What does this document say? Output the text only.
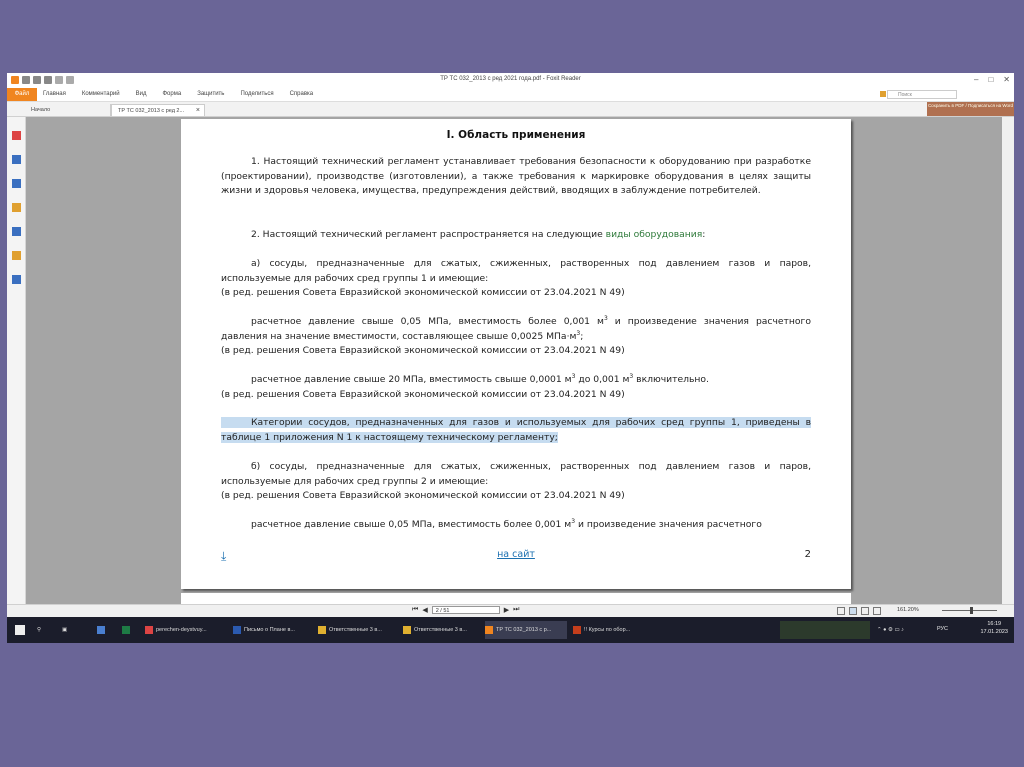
ТР ТС 032_2013 с ред 2021 года.pdf - Foxit Reader	– □ ✕
Файл	Главная	Комментарий	Вид	Форма	Защитить	Поделиться	Справка	Поиск
Начало	ТР ТС 032_2013 с ред 2... ×
Сохранить в PDF / Подписаться на Word
I. Область применения
1. Настоящий технический регламент устанавливает требования безопасности к оборудованию при разработке (проектировании), производстве (изготовлении), а также требования к маркировке оборудования в целях защиты жизни и здоровья человека, имущества, предупреждения действий, вводящих в заблуждение потребителей.
2. Настоящий технический регламент распространяется на следующие виды оборудования:
а) сосуды, предназначенные для сжатых, сжиженных, растворенных под давлением газов и паров, используемые для рабочих сред группы 1 и имеющие:
(в ред. решения Совета Евразийской экономической комиссии от 23.04.2021 N 49)
расчетное давление свыше 0,05 МПа, вместимость более 0,001 $м^3$ и произведение значения расчетного давления на значение вместимости, составляющее свыше 0,0025 $МПа\cdot м^3$;
(в ред. решения Совета Евразийской экономической комиссии от 23.04.2021 N 49)
расчетное давление свыше 20 МПа, вместимость свыше 0,0001 $м^3$ до 0,001 $м^3$ включительно.
(в ред. решения Совета Евразийской экономической комиссии от 23.04.2021 N 49)
Категории сосудов, предназначенных для газов и используемых для рабочих сред группы 1, приведены в таблице 1 приложения N 1 к настоящему техническому регламенту;
б) сосуды, предназначенные для сжатых, сжиженных, растворенных под давлением газов и паров, используемые для рабочих сред группы 2 и имеющие:
(в ред. решения Совета Евразийской экономической комиссии от 23.04.2021 N 49)
расчетное давление свыше 0,05 МПа, вместимость более 0,001 $м^3$ и произведение значения расчетного
⤓	на сайт	2
⏮ ◀	2 / 51	▶ ⏭	161.20%
⚲	▣	perechen-deystvuy...	Письмо о Плане в...	Ответственные 3 в...	Ответственные 3 в...	ТР ТС 032_2013 с р...	!! Курсы по обор...	⌃ ● ⚙ ▭ ♪	РУС
16:19
17.01.2023
